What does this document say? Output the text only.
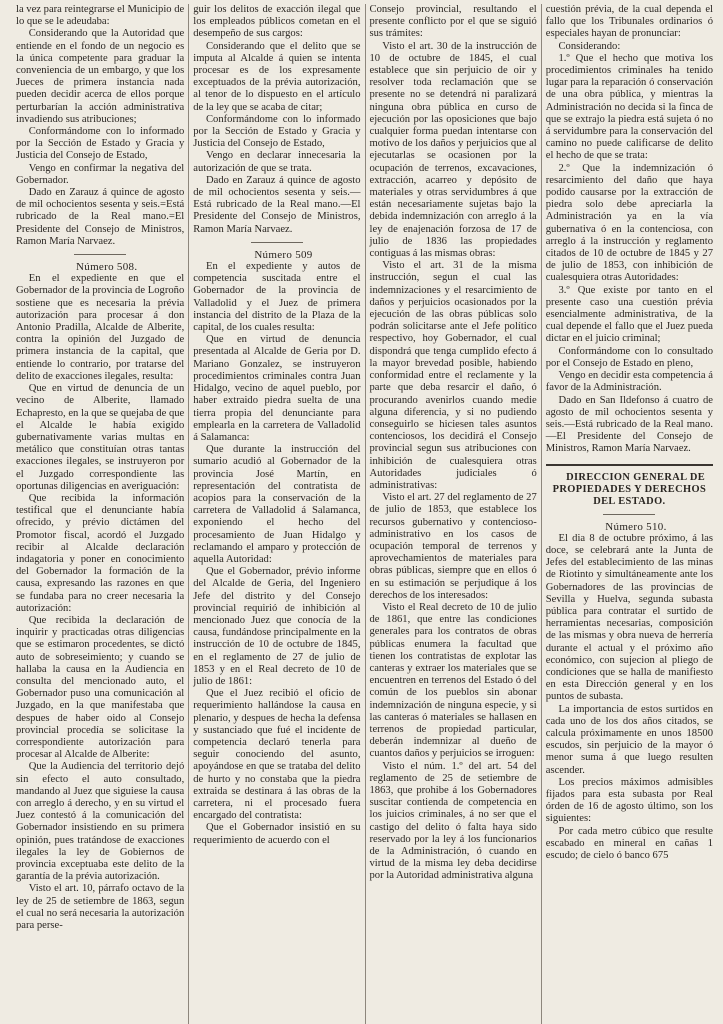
la vez para reintegrarse el Municipio de lo que se le adeudaba:

Considerando que la Autoridad que entiende en el fondo de un negocio es la única competente para graduar la conveniencia de un embargo, y que los Jueces de primera instancia nada pueden decidir acerca de ellos porque perturbarían la acción administrativa invadiendo sus atribuciones;

Conformándome con lo informado por la Sección de Estado y Gracia y Justicia del Consejo de Estado,

Vengo en confirmar la negativa del Gobernador.

Dado en Zarauz á quince de agosto de mil ochocientos sesenta y seis.=Está rubricado de la Real mano.=El Presidente del Consejo de Ministros, Ramon María Narvaez.

Número 508.

En el expediente en que el Gobernador de la provincia de Logroño sostiene que es necesaria la prévia autorización para procesar á don Antonio Pradilla, Alcalde de Alberite, contra la opinión del Juzgado de primera instancia de la capital, que entiende lo contrario, por tratarse del delito de exacciones ilegales, resulta:

Que en virtud de denuncia de un vecino de Alberite, llamado Echapresto, en la que se quejaba de que el Alcalde le había exigido gubernativamente varias multas en metálico que constituían otras tantas exacciones ilegales, se instruyeron por el Juzgado correspondiente las oportunas diligencias en averiguación:

Que recibida la información testifical que el denunciante había ofrecido, y prévio dictámen del Promotor fiscal, acordó el Juzgado recibir al Alcalde declaración indagatoria y poner en conocimiento del Gobernador la formación de la causa, expresando las razones en que se fundaba para no creer necesaria la autorización:

Que recibida la declaración de inquirir y practicadas otras diligencias que se estimaron procedentes, se dictó auto de sobreseimiento; y cuando se hallaba la causa en la Audiencia en consulta del mencionado auto, el Gobernador puso una comunicación al Juzgado, en la que manifestaba que despues de haber oido al Consejo provincial procedía se solicitase la correspondiente autorización para procesar al Alcalde de Alberite:

Que la Audiencia del territorio dejó sin efecto el auto consultado, mandando al Juez que siguiese la causa con arreglo á derecho, y en su virtud el Juez contestó á la comunicación del Gobernador insistiendo en su primera opinión, pues tratándose de exacciones ilegales la ley de Gobiernos de provincia exceptuaba este delito de la garantía de la prévia autorización.

Visto el art. 10, párrafo octavo de la ley de 25 de setiembre de 1863, segun el cual no será necesaria la autorización para perse-

guir los delitos de exacción ilegal que los empleados públicos cometan en el desempeño de sus cargos:

Considerando que el delito que se imputa al Alcalde á quien se intenta procesar es de los expresamente exceptuados de la prévia autorización, al tenor de lo dispuesto en el artículo de la ley que se acaba de citar;

Conformándome con lo informado por la Sección de Estado y Gracia y Justicia del Consejo de Estado,

Vengo en declarar innecesaria la autorización de que se trata.

Dado en Zarauz á quince de agosto de mil ochocientos sesenta y seis.—Está rubricado de la Real mano.—El Presidente del Consejo de Ministros, Ramon María Narvaez.

Número 509

En el expediente y autos de competencia suscitada entre el Gobernador de la provincia de Valladolid y el Juez de primera instancia del distrito de la Plaza de la capital, de los cuales resulta:

Que en virtud de denuncia presentada al Alcalde de Geria por D. Mariano Gonzalez, se instruyeron procedimientos criminales contra Juan Hidalgo, vecino de aquel pueblo, por haber extraido piedra suelta de una tierra propia del denunciante para emplearla en la carretera de Valladolid á Salamanca:

Que durante la instrucción del sumario acudió al Gobernador de la provincia José Martín, en representación del contratista de acopios para la conservación de la carretera de Valladolid á Salamanca, exponiendo el hecho del procesamiento de Juan Hidalgo y reclamando el amparo y protección de aquella Autoridad:

Que el Gobernador, prévio informe del Alcalde de Geria, del Ingeniero Jefe del distrito y del Consejo provincial requirió de inhibición al mencionado Juez que conocía de la causa, fundándose principalmente en la instrucción de 10 de octubre de 1845, en el reglamento de 27 de julio de 1853 y en el Real decreto de 10 de julio de 1861:

Que el Juez recibió el oficio de requerimiento hallándose la causa en plenario, y despues de hecha la defensa y sustanciado que fué el incidente de competencia declaró tenerla para seguir conociendo del asunto, apoyándose en que se trataba del delito de hurto y no constaba que la piedra extraida se destinara á las obras de la carretera, ni el procesado fuera encargado del contratista:

Que el Gobernador insistió en su requerimiento de acuerdo con el

Consejo provincial, resultando el presente conflicto por el que se siguió sus trámites:

Visto el art. 30 de la instrucción de 10 de octubre de 1845, el cual establece que sin perjuicio de oir y resolver toda reclamación que se presente no se detendrá ni paralizará ninguna obra pública en curso de ejecución por las oposiciones que bajo cualquier forma puedan intentarse con motivo de los daños y perjuicios que al ejecutarlas se ocasionen por la ocupación de terrenos, excavaciones, extracción, acarreo y depósito de materiales y otras servidumbres á que están necesariamente sujetas bajo la debida indemnización con arreglo á la ley de enajenación forzosa de 17 de julio de 1836 las propiedades contiguas á las mismas obras:

Visto el art. 31 de la misma instrucción, segun el cual las indemnizaciones y el resarcimiento de daños y perjuicios ocasionados por la ejecución de las obras públicas solo podrán solicitarse ante el Jefe político respectivo, hoy Gobernador, el cual dispondrá que tenga cumplido efecto á la mayor brevedad posible, habiendo conformidad entre el reclamente y la parte que deba resarcir el daño, ó procurando avenirlos cuando medie alguna diferencia, y si no pudiendo conseguirlo se hiciesen tales asuntos contenciosos, los decidirá el Consejo provincial segun sus atribuciones con inhibición de cualesquiera otras Autoridades judiciales ó administrativas:

Visto el art. 27 del reglamento de 27 de julio de 1853, que establece los recursos gubernativo y contencioso-administrativo en los casos de ocupación temporal de terrenos y aprovechamientos de materiales para obras públicas, siempre que en ellos ó en su estimación se perjudique á los derechos de los interesados:

Visto el Real decreto de 10 de julio de 1861, que entre las condiciones generales para los contratos de obras públicas enumera la facultad que tienen los contratistas de explotar las canteras y extraer los materiales que se encuentren en terrenos del Estado ó del común de los pueblos sin abonar indemnización de ninguna especie, y si las canteras ó materiales se hallasen en terrenos de propiedad particular, deberán indemnizar al dueño de cuantos daños y perjuicios se irroguen:

Visto el núm. 1.º del art. 54 del reglamento de 25 de setiembre de 1863, que prohibe á los Gobernadores suscitar contienda de competencia en los juicios criminales, á no ser que el castigo del delito ó falta haya sido reservado por la ley á los funcionarios de la Administración, ó cuando en virtud de la misma ley deba decidirse por la Autoridad administrativa alguna

cuestión prévia, de la cual dependa el fallo que los Tribunales ordinarios ó especiales hayan de pronunciar:

Considerando:

1.º Que el hecho que motiva los procedimientos criminales ha tenido lugar para la reparación ó conservación de una obra pública, y mientras la Administración no decida si la finca de que se extrajo la piedra está sujeta ó no á servidumbre para la conservación del camino no puede calificarse de delito el hecho de que se trata:

2.º Que la indemnización ó resarcimiento del daño que haya podido causarse por la extracción de piedra solo debe apreciarla la Administración ya en la vía gubernativa ó en la contenciosa, con arreglo á la instrucción y reglamento citados de 10 de octubre de 1845 y 27 de julio de 1853, con inhibición de cualesquiera otras Autoridades:

3.º Que existe por tanto en el presente caso una cuestión prévia esencialmente administrativa, de la cual depende el fallo que el Juez pueda dictar en el juicio criminal;

Conformándome con lo consultado por el Consejo de Estado en pleno,

Vengo en decidir esta competencia á favor de la Administración.

Dado en San Ildefonso á cuatro de agosto de mil ochocientos sesenta y seis.—Está rubricado de la Real mano.—El Presidente del Consejo de Ministros, Ramon María Narvaez.

DIRECCION GENERAL DE PROPIEDADES Y DERECHOS DEL ESTADO.

Número 510.

El dia 8 de octubre próximo, á las doce, se celebrará ante la Junta de Jefes del establecimiento de las minas de Riotinto y simultáneamente ante los Gobernadores de las provincias de Sevilla y Huelva, segunda subasta pública para contratar el surtido de herramientas necesarias, composición de las mismas y obra nueva de herrería durante el actual y el próximo año económico, con sujecion al pliego de condiciones que se halla de manifiesto en esta Dirección general y en los puntos de subasta.

La importancia de estos surtidos en cada uno de los dos años citados, se calcula próximamente en unos 18500 escudos, sin perjuicio de la mayor ó menor suma á que luego resulten ascender.

Los precios máximos admisibles fijados para esta subasta por Real órden de 16 de agosto último, son los siguientes:

Por cada metro cúbico que resulte escabado en mineral en cañas 1 escudo; de cielo ó banco 675
